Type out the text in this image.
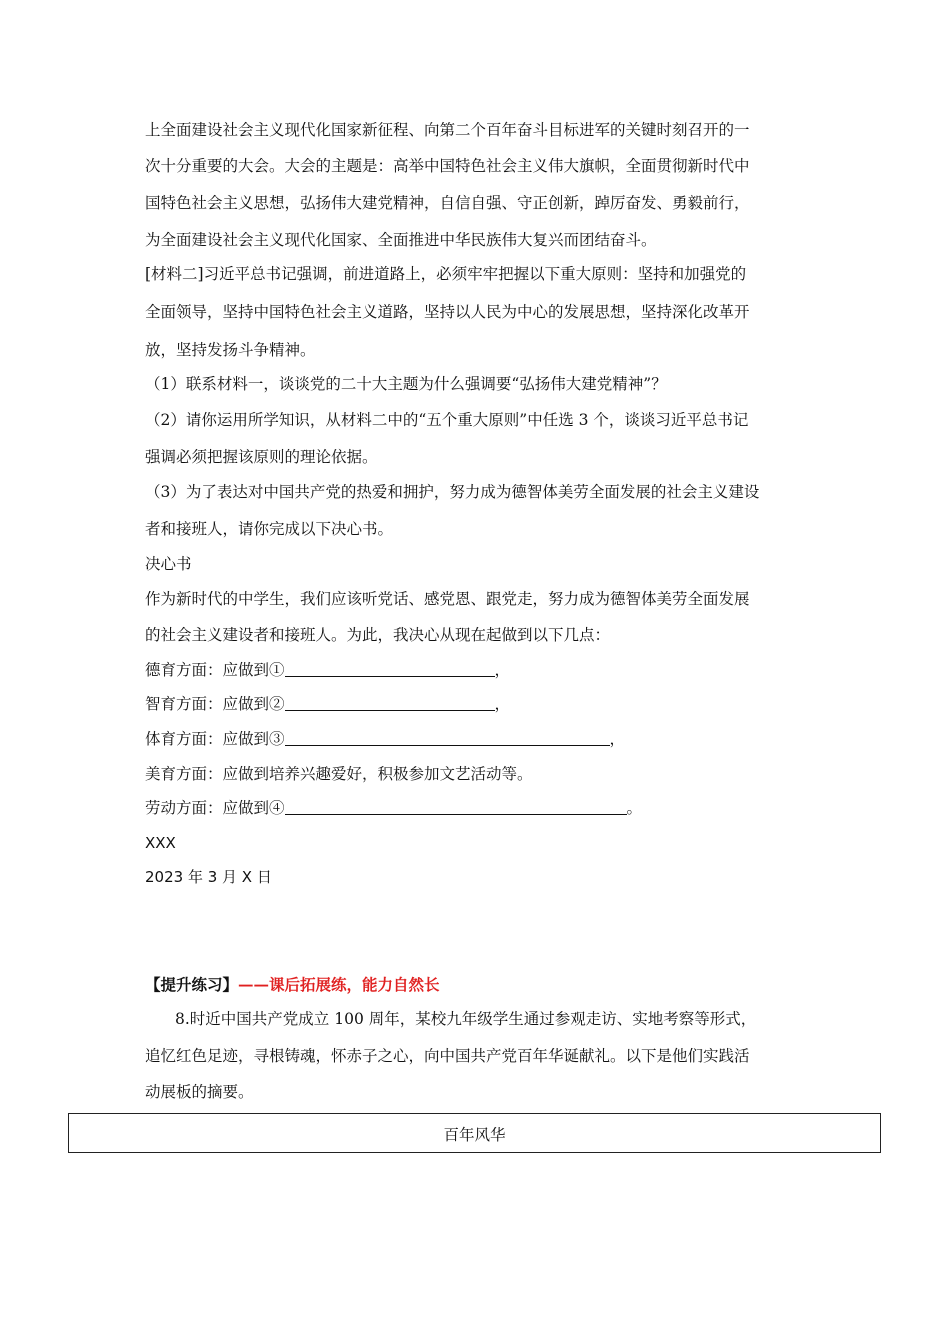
上全面建设社会主义现代化国家新征程、向第二个百年奋斗目标进军的关键时刻召开的一
次十分重要的大会。大会的主题是：高举中国特色社会主义伟大旗帜，全面贯彻新时代中
国特色社会主义思想，弘扬伟大建党精神，自信自强、守正创新，踔厉奋发、勇毅前行，
为全面建设社会主义现代化国家、全面推进中华民族伟大复兴而团结奋斗。
[材料二]习近平总书记强调，前进道路上，必须牢牢把握以下重大原则：坚持和加强党的
全面领导，坚持中国特色社会主义道路，坚持以人民为中心的发展思想，坚持深化改革开
放，坚持发扬斗争精神。
（1）联系材料一，谈谈党的二十大主题为什么强调要“弘扬伟大建党精神”？
（2）请你运用所学知识，从材料二中的“五个重大原则”中任选 3 个，谈谈习近平总书记
强调必须把握该原则的理论依据。
（3）为了表达对中国共产党的热爱和拥护，努力成为德智体美劳全面发展的社会主义建设
者和接班人，请你完成以下决心书。
决心书
作为新时代的中学生，我们应该听党话、感党恩、跟党走，努力成为德智体美劳全面发展
的社会主义建设者和接班人。为此，我决心从现在起做到以下几点：
德育方面：应做到①	，
智育方面：应做到②	，
体育方面：应做到③	，
美育方面：应做到培养兴趣爱好，积极参加文艺活动等。
劳动方面：应做到④	。
XXX
2023 年 3 月 X 日
【提升练习】——课后拓展练，能力自然长
8.时近中国共产党成立 100 周年，某校九年级学生通过参观走访、实地考察等形式，
追忆红色足迹，寻根铸魂，怀赤子之心，向中国共产党百年华诞献礼。以下是他们实践活
动展板的摘要。
百年风华
